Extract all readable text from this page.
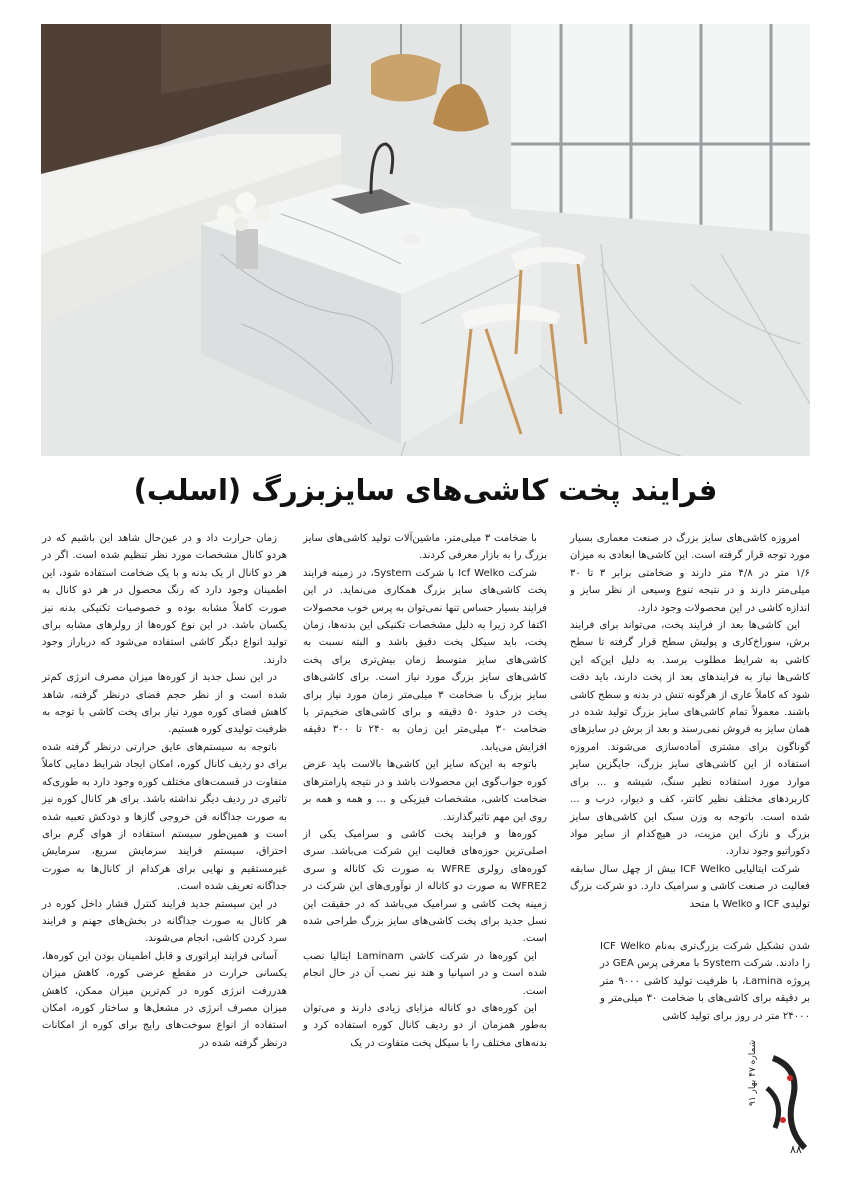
فرایند پخت کاشی‌های سایزبزرگ (اسلب)

امروزه کاشی‌های سایز بزرگ در صنعت معماری بسیار مورد توجه قرار گرفته است. این کاشی‌ها ابعادی به میزان ۱/۶ متر در ۴/۸ متر دارند و ضخامتی برابر ۳ تا ۳۰ میلی‌متر دارند و در نتیجه تنوع وسیعی از نظر سایز و اندازه کاشی در این محصولات وجود دارد.

این کاشی‌ها بعد از فرایند پخت، می‌تواند برای فرایند برش، سوراخ‌کاری و پولیش سطح قرار گرفته تا سطح کاشی به شرایط مطلوب برسد. به دلیل این‌که این کاشی‌ها نیاز به فرایندهای بعد از پخت دارند، باید دقت شود که کاملاً عاری از هرگونه تنش در بدنه و سطح کاشی باشند. معمولاً تمام کاشی‌های سایز بزرگ تولید شده در همان سایز به فروش نمی‌رسند و بعد از برش در سایزهای گوناگون برای مشتری آماده‌سازی می‌شوند. امروزه استفاده از این کاشی‌های سایز بزرگ، جایگزین سایر موارد مورد استفاده نظیر سنگ، شیشه و ... برای کاربردهای مختلف نظیر کانتر، کف و دیوار، درب و ... شده است. باتوجه به وزن سبک این کاشی‌های سایز بزرگ و نازک این مزیت، در هیچ‌کدام از سایر مواد دکوراتیو وجود ندارد.

شرکت ایتالیایی ICF Welko بیش از چهل سال سابقه فعالیت در صنعت کاشی و سرامیک دارد. دو شرکت بزرگ تولیدی ICF و Welko با متحد

شدن تشکیل شرکت بزرگ‌تری به‌نام ICF Welko را دادند. شرکت System با معرفی پرس GEA در پروژه Lamina، با ظرفیت تولید کاشی ۹۰۰۰ متر بر دقیقه برای کاشی‌های با ضخامت ۳۰ میلی‌متر و ۲۴۰۰۰ متر در روز برای تولید کاشی

با ضخامت ۳ میلی‌متر، ماشین‌آلات تولید کاشی‌های سایز بزرگ را به بازار معرفی کردند.

شرکت Icf Welko با شرکت System، در زمینه فرایند پخت کاشی‌های سایز بزرگ همکاری می‌نماید. در این فرایند بسیار حساس تنها نمی‌توان به پرس خوب محصولات اکتفا کرد زیرا به دلیل مشخصات تکنیکی این بدنه‌ها، زمان پخت، باید سیکل پخت دقیق باشد و البته نسبت به کاشی‌های سایز متوسط زمان بیش‌تری برای پخت کاشی‌های سایز بزرگ مورد نیاز است. برای کاشی‌های سایز بزرگ با ضخامت ۳ میلی‌متر زمان مورد نیاز برای پخت در حدود ۵۰ دقیقه و برای کاشی‌های ضخیم‌تر با ضخامت ۳۰ میلی‌متر این زمان به ۲۴۰ تا ۳۰۰ دقیقه افزایش می‌یابد.

باتوجه به این‌که سایز این کاشی‌ها بالاست باید عرض کوره جواب‌گوی این محصولات باشد و در نتیجه پارامترهای ضخامت کاشی، مشخصات فیزیکی و ... و همه و همه بر روی این مهم تاثیرگذارند.

کوره‌ها و فرایند پخت کاشی و سرامیک یکی از اصلی‌ترین حوزه‌های فعالیت این شرکت می‌باشد. سری کوره‌های رولری WFRE به صورت تک کاناله و سری WFRE2 به صورت دو کاناله از نوآوری‌های این شرکت در زمینه پخت کاشی و سرامیک می‌باشد که در حقیقت این نسل جدید برای پخت کاشی‌های سایز بزرگ طراحی شده است.

این کوره‌ها در شرکت کاشی Laminam ایتالیا نصب شده است و در اسپانیا و هند نیز نصب آن در حال انجام است.

این کوره‌های دو کاناله مزایای زیادی دارند و می‌توان به‌طور همزمان از دو ردیف کانال کوره استفاده کرد و بدنه‌های مختلف را با سیکل پخت متفاوت در یک

زمان حرارت داد و در عین‌حال شاهد این باشیم که در هردو کانال مشخصات مورد نظر تنظیم شده است. اگر در هر دو کانال از یک بدنه و با یک ضخامت استفاده شود، این اطمینان وجود دارد که رنگ محصول در هر دو کانال به صورت کاملاً مشابه بوده و خصوصیات تکنیکی بدنه نیز یکسان باشد. در این نوع کوره‌ها از رولرهای مشابه برای تولید انواع دیگر کاشی استفاده می‌شود که درباراز وجود دارند.

در این نسل جدید از کوره‌ها میزان مصرف انرژی کم‌تر شده است و از نظر حجم فضای درنظر گرفته، شاهد کاهش فضای کوره مورد نیاز برای پخت کاشی با توجه به ظرفیت تولیدی کوره هستیم.

باتوجه به سیستم‌های عایق حرارتی درنظر گرفته شده برای دو ردیف کانال کوره، امکان ایجاد شرایط دمایی کاملاً متفاوت در قسمت‌های مختلف کوره وجود دارد به طوری‌که تاثیری در ردیف دیگر نداشته باشد. برای هر کانال کوره نیز به صورت جداگانه فن خروجی گازها و دودکش تعبیه شده است و همین‌طور سیستم استفاده از هوای گرم برای احتراق، سیستم فرایند سرمایش سریع، سرمایش غیرمستقیم و نهایی برای هرکدام از کانال‌ها به صورت جداگانه تعریف شده است.

در این سیستم جدید فرایند کنترل فشار داخل کوره در هر کانال به صورت جداگانه در بخش‌های جهنم و فرایند سرد کردن کاشی، انجام می‌شوند.

آسانی فرایند اپراتوری و قابل اطمینان بودن این کوره‌ها، یکسانی حرارت در مقطع عرضی کوره، کاهش میزان هدررفت انرژی کوره در کم‌ترین میزان ممکن، کاهش میزان مصرف انرژی در مشعل‌ها و ساختار کوره، امکان استفاده از انواع سوخت‌های رایج برای کوره از امکانات درنظر گرفته شده در

شماره ۴۷ بهار ۹۱
۸۸
